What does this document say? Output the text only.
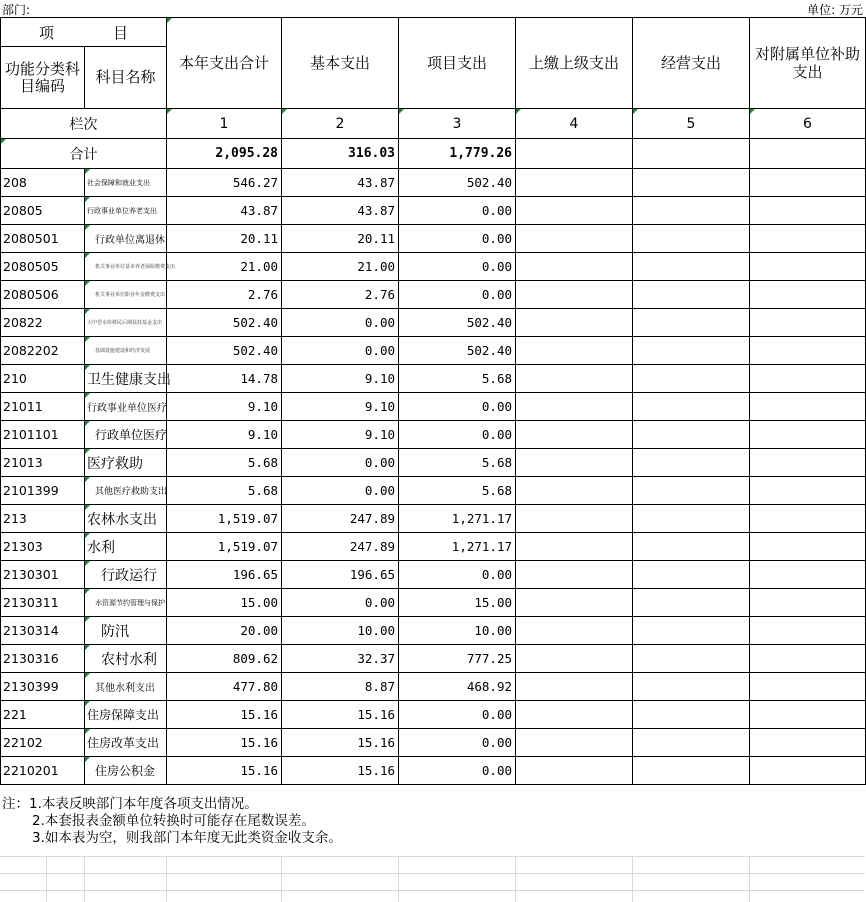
部门:	单位: 万元
项　目		本年支出合计	基本支出	项目支出	上缴上级支出	经营支出	对附属单位补助支出
功能分类科目编码	科目名称						
栏次		1	2	3	4	5	6
合计		2,095.28	316.03	1,779.26			
208	社会保障和就业支出	546.27	43.87	502.40			
20805	行政事业单位养老支出	43.87	43.87	0.00			
2080501	行政单位离退休	20.11	20.11	0.00			
2080505	机关事业单位基本养老保险缴费支出	21.00	21.00	0.00			
2080506	机关事业单位职业年金缴费支出	2.76	2.76	0.00			
20822	大中型水库移民后期扶持基金支出	502.40	0.00	502.40			
2082202	基础设施建设和经济发展	502.40	0.00	502.40			
210	卫生健康支出	14.78	9.10	5.68			
21011	行政事业单位医疗	9.10	9.10	0.00			
2101101	行政单位医疗	9.10	9.10	0.00			
21013	医疗救助	5.68	0.00	5.68			
2101399	其他医疗救助支出	5.68	0.00	5.68			
213	农林水支出	1,519.07	247.89	1,271.17			
21303	水利	1,519.07	247.89	1,271.17			
2130301	行政运行	196.65	196.65	0.00			
2130311	水资源节约管理与保护	15.00	0.00	15.00			
2130314	防汛	20.00	10.00	10.00			
2130316	农村水利	809.62	32.37	777.25			
2130399	其他水利支出	477.80	8.87	468.92			
221	住房保障支出	15.16	15.16	0.00			
22102	住房改革支出	15.16	15.16	0.00			
2210201	住房公积金	15.16	15.16	0.00			
注：1.本表反映部门本年度各项支出情况。
2.本套报表金额单位转换时可能存在尾数误差。
3.如本表为空，则我部门本年度无此类资金收支余。
